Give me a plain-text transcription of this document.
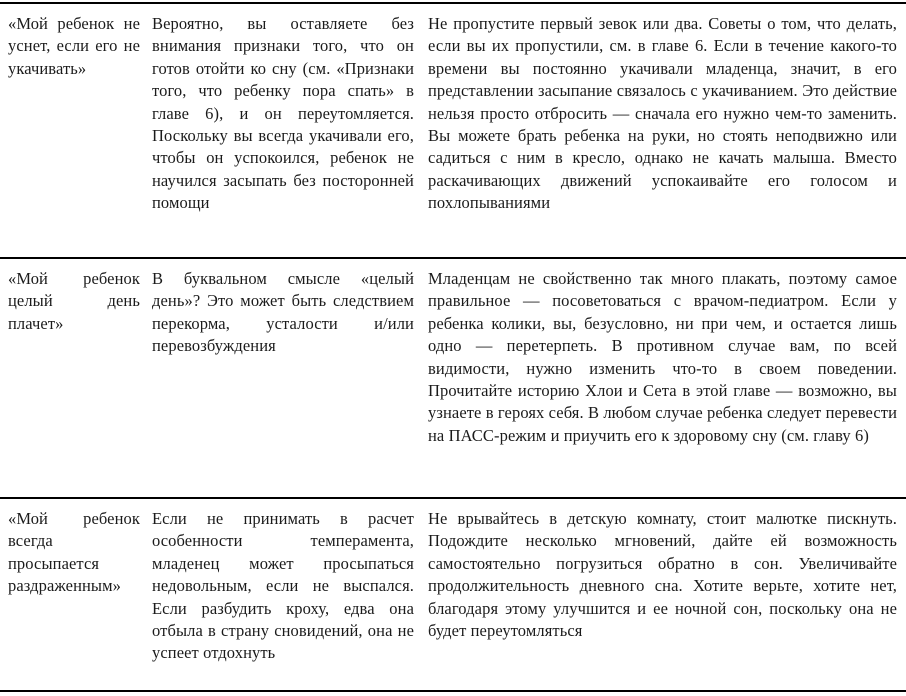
«Мой ребенок не уснет, если его не укачивать»
Вероятно, вы оставляете без внимания признаки того, что он готов отойти ко сну (см. «Признаки того, что ребенку пора спать» в главе 6), и он переутомляется. Поскольку вы всегда укачивали его, чтобы он успокоился, ребенок не научился засыпать без посторонней помощи
Не пропустите первый зевок или два. Советы о том, что делать, если вы их пропустили, см. в главе 6. Если в течение какого-то времени вы постоянно укачивали младенца, значит, в его представлении засыпание связалось с укачиванием. Это действие нельзя просто отбросить — сначала его нужно чем-то заменить. Вы можете брать ребенка на руки, но стоять неподвижно или садиться с ним в кресло, однако не качать малыша. Вместо раскачивающих движений успокаивайте его голосом и похлопываниями
«Мой ребенок целый день плачет»
В буквальном смысле «целый день»? Это может быть следствием перекорма, усталости и/или перевозбуждения
Младенцам не свойственно так много плакать, поэтому самое правильное — посоветоваться с врачом-педиатром. Если у ребенка колики, вы, безусловно, ни при чем, и остается лишь одно — перетерпеть. В противном случае вам, по всей видимости, нужно изменить что-то в своем поведении. Прочитайте историю Хлои и Сета в этой главе — возможно, вы узнаете в героях себя. В любом случае ребенка следует перевести на ПАСС-режим и приучить его к здоровому сну (см. главу 6)
«Мой ребенок всегда просыпается раздраженным»
Если не принимать в расчет особенности темперамента, младенец может просыпаться недовольным, если не выспался. Если разбудить кроху, едва она отбыла в страну сновидений, она не успеет отдохнуть
Не врывайтесь в детскую комнату, стоит малютке пискнуть. Подождите несколько мгновений, дайте ей возможность самостоятельно погрузиться обратно в сон. Увеличивайте продолжительность дневного сна. Хотите верьте, хотите нет, благодаря этому улучшится и ее ночной сон, поскольку она не будет переутомляться
